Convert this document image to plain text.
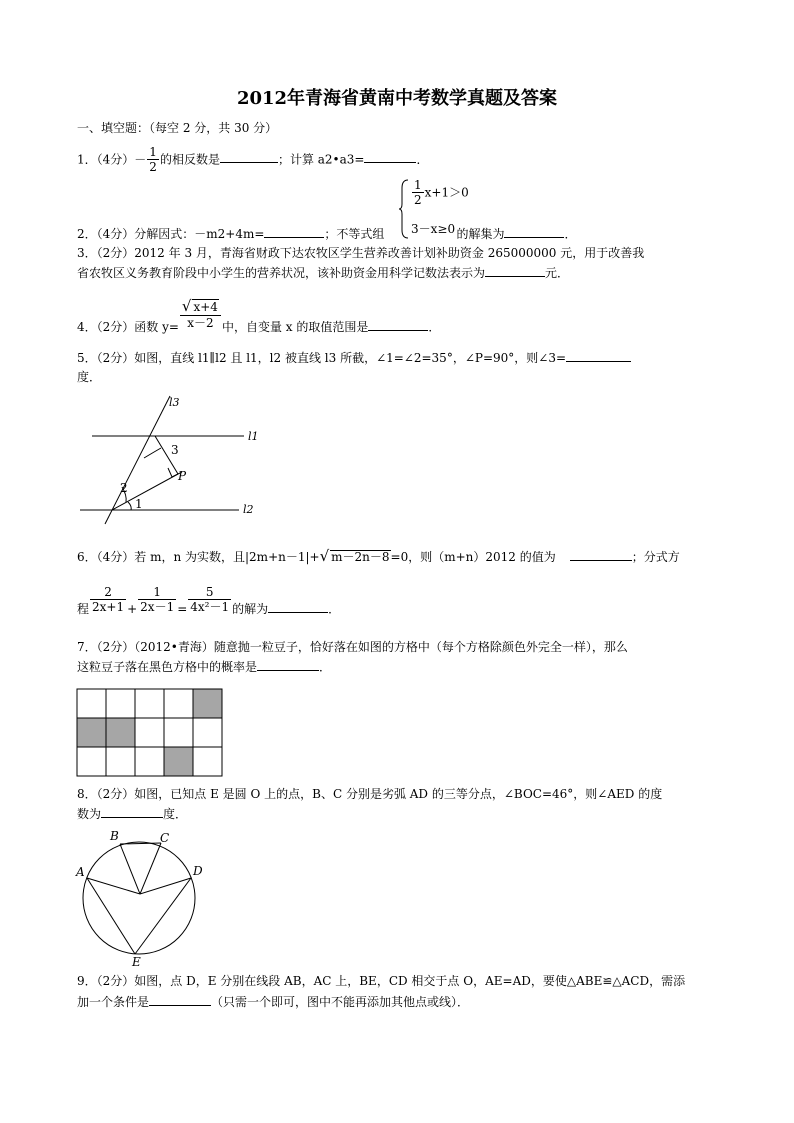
2012年青海省黄南中考数学真题及答案
一、填空题：（每空 2 分，共 30 分）
1．（4分）－ $\frac{1}{2}$ 的相反数是	；计算 a2•a3=	．
2．（4分）分解因式：－m2+4m=	；不等式组	的解集为	．
$\frac{1}{2} x+1>0$
3－x≥0
3．（2分）2012 年 3 月，青海省财政下达农牧区学生营养改善计划补助资金 265000000 元，用于改善我
省农牧区义务教育阶段中小学生的营养状况，该补助资金用科学记数法表示为	元．
4．（2分）函数 $y= \frac{√ x+4}{x-2}$ 中，自变量 x 的取值范围是	．
5．（2分）如图，直线 l1∥l2 且 l1，l2 被直线 l3 所截，∠1=∠2=35°，∠P=90°，则∠3=
度．
l3
l1
l2
3
P
2
1
6．（4分）若 m，n 为实数，且|2m+n－1|+√ m－2n－8=0，则（m+n）2012 的值为	；分式方
程 $\frac{2}{2x+1} + \frac{1}{2x-1} = \frac{5}{\text{4x²－1}}$ 的解为	．
7．（2分）（2012•青海）随意抛一粒豆子，恰好落在如图的方格中（每个方格除颜色外完全一样），那么
这粒豆子落在黑色方格中的概率是	．
8．（2分）如图，已知点 E 是圆 O 上的点，B、C 分别是劣弧 AD 的三等分点，∠BOC=46°，则∠AED 的度
数为	度．
A
B	C
D
E
9．（2分）如图，点 D，E 分别在线段 AB，AC 上，BE，CD 相交于点 O，AE=AD，要使△ABE≌△ACD，需添
加一个条件是	（只需一个即可，图中不能再添加其他点或线）．
